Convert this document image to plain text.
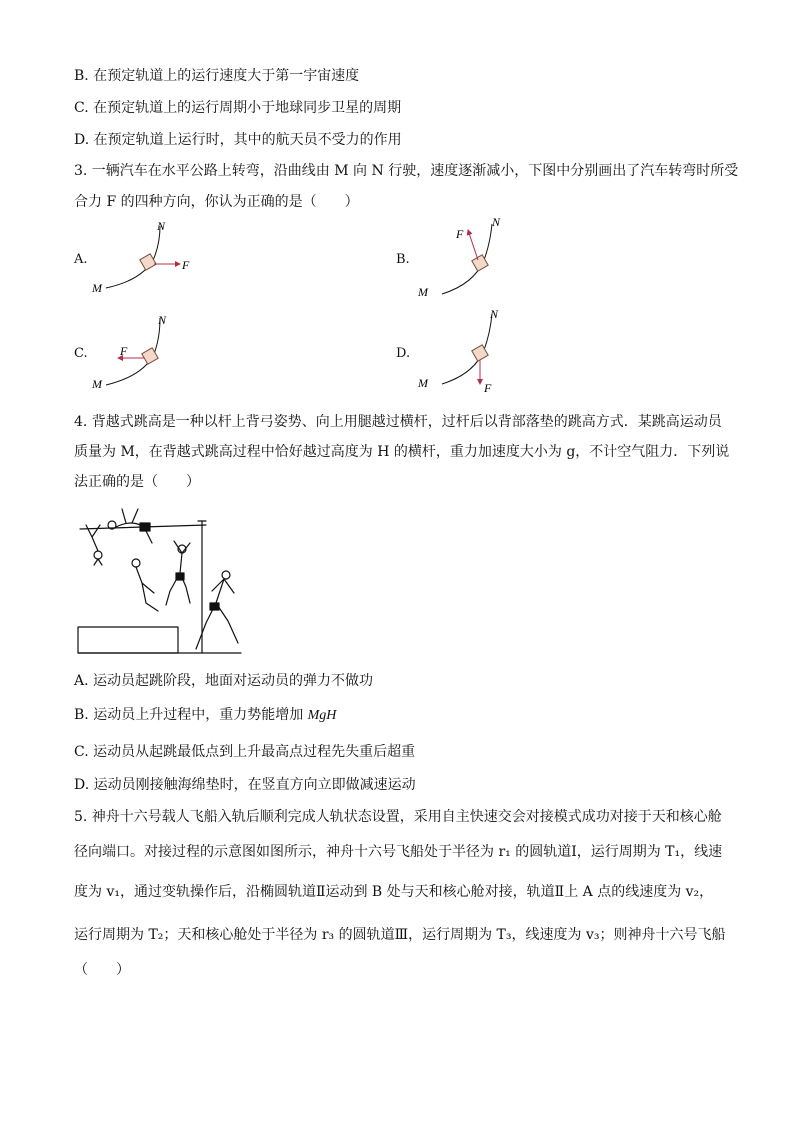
B. 在预定轨道上的运行速度大于第一宇宙速度
C. 在预定轨道上的运行周期小于地球同步卫星的周期
D. 在预定轨道上运行时，其中的航天员不受力的作用
3. 一辆汽车在水平公路上转弯，沿曲线由 M 向 N 行驶，速度逐渐减小，下图中分别画出了汽车转弯时所受
合力 F 的四种方向，你认为正确的是（　　）
A.	B.
C.	D.
M
N
F
M
N
F
M
N
F
M
N
F
4. 背越式跳高是一种以杆上背弓姿势、向上用腿越过横杆，过杆后以背部落垫的跳高方式．某跳高运动员
质量为 M，在背越式跳高过程中恰好越过高度为 H 的横杆，重力加速度大小为 g，不计空气阻力．下列说
法正确的是（　　）
A. 运动员起跳阶段，地面对运动员的弹力不做功
B. 运动员上升过程中，重力势能增加 MgH
C. 运动员从起跳最低点到上升最高点过程先失重后超重
D. 运动员刚接触海绵垫时，在竖直方向立即做减速运动
5. 神舟十六号载人飞船入轨后顺利完成人轨状态设置，采用自主快速交会对接模式成功对接于天和核心舱
径向端口。对接过程的示意图如图所示，神舟十六号飞船处于半径为 r₁ 的圆轨道Ⅰ，运行周期为 T₁，线速
度为 v₁，通过变轨操作后，沿椭圆轨道Ⅱ运动到 B 处与天和核心舱对接，轨道Ⅱ上 A 点的线速度为 v₂，
运行周期为 T₂；天和核心舱处于半径为 r₃ 的圆轨道Ⅲ，运行周期为 T₃，线速度为 v₃；则神舟十六号飞船
（　　）
